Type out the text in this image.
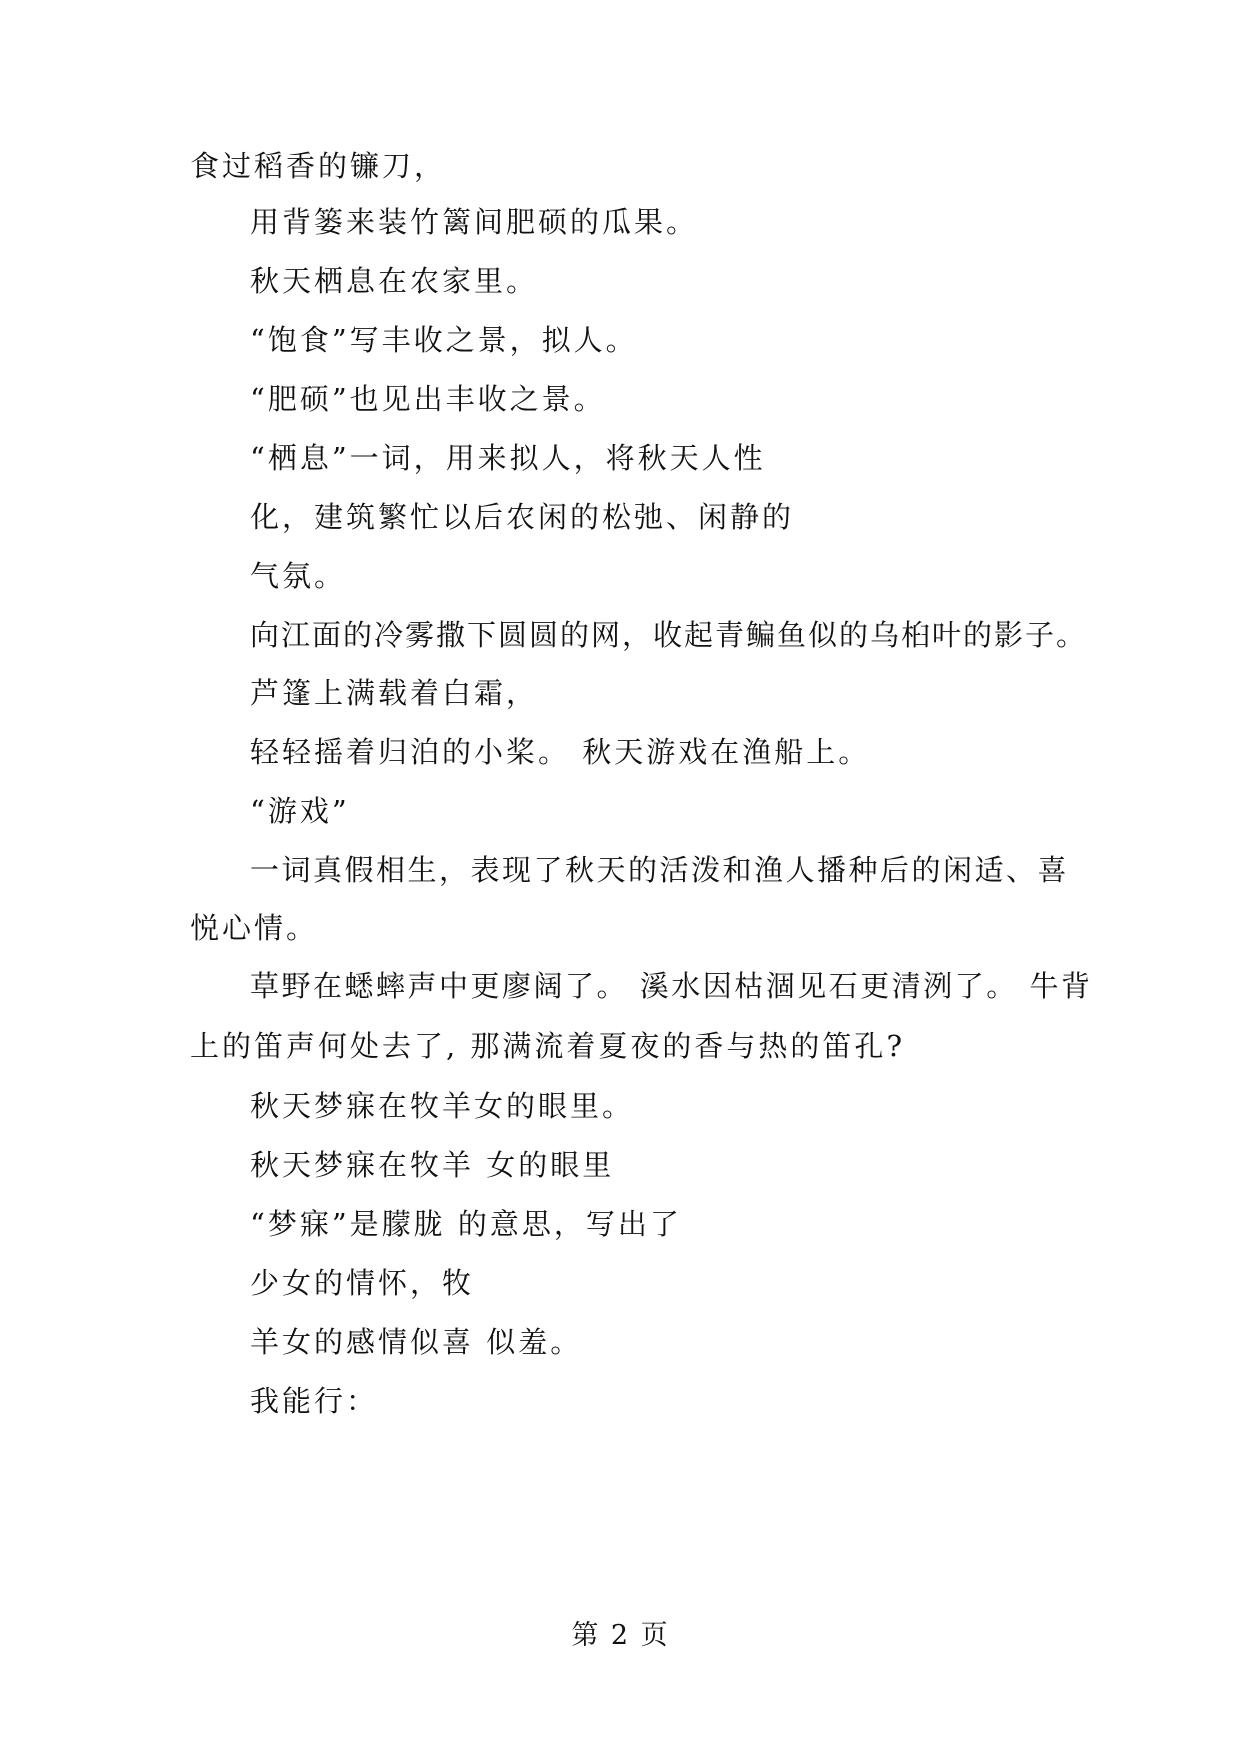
食过稻香的镰刀，
用背篓来装竹篱间肥硕的瓜果。
秋天栖息在农家里。
“饱食”写丰收之景，拟人。
“肥硕”也见出丰收之景。
“栖息”一词，用来拟人，将秋天人性
化，建筑繁忙以后农闲的松弛、闲静的
气氛。
向江面的冷雾撒下圆圆的网，收起青鳊鱼似的乌桕叶的影子。
芦篷上满载着白霜，
轻轻摇着归泊的小桨。 秋天游戏在渔船上。
“游戏”
一词真假相生，表现了秋天的活泼和渔人播种后的闲适、喜
悦心情。
草野在蟋蟀声中更廖阔了。 溪水因枯涸见石更清洌了。 牛背
上的笛声何处去了, 那满流着夏夜的香与热的笛孔?
秋天梦寐在牧羊女的眼里。
秋天梦寐在牧羊 女的眼里
“梦寐”是朦胧 的意思，写出了
少女的情怀，牧
羊女的感情似喜 似羞。
我能行：
第 2 页
